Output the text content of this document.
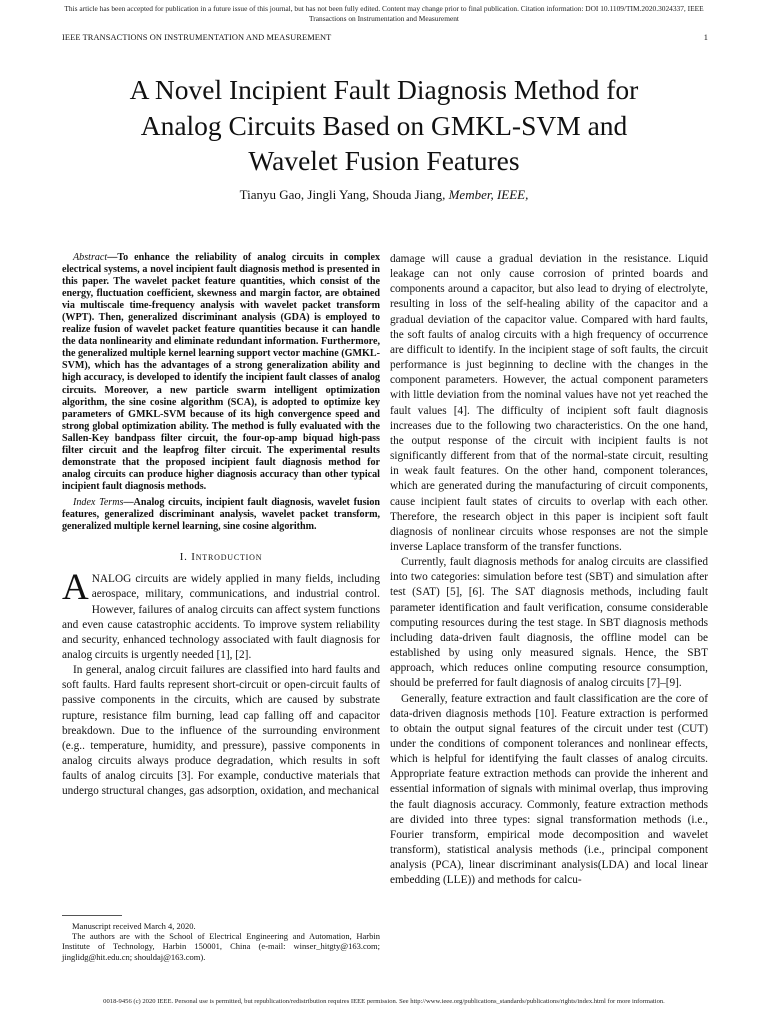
This article has been accepted for publication in a future issue of this journal, but has not been fully edited. Content may change prior to final publication. Citation information: DOI 10.1109/TIM.2020.3024337, IEEE
Transactions on Instrumentation and Measurement
IEEE TRANSACTIONS ON INSTRUMENTATION AND MEASUREMENT	1
A Novel Incipient Fault Diagnosis Method for
Analog Circuits Based on GMKL-SVM and
Wavelet Fusion Features
Tianyu Gao, Jingli Yang, Shouda Jiang, Member, IEEE,

Abstract—To enhance the reliability of analog circuits in complex electrical systems, a novel incipient fault diagnosis method is presented in this paper. The wavelet packet feature quantities, which consist of the energy, fluctuation coefficient, skewness and margin factor, are obtained via multiscale time-frequency analysis with wavelet packet transform (WPT). Then, generalized discriminant analysis (GDA) is employed to realize fusion of wavelet packet feature quantities because it can handle the data nonlinearity and eliminate redundant information. Furthermore, the generalized multiple kernel learning support vector machine (GMKL-SVM), which has the advantages of a strong generalization ability and high accuracy, is developed to identify the incipient fault classes of analog circuits. Moreover, a new particle swarm intelligent optimization algorithm, the sine cosine algorithm (SCA), is adopted to optimize key parameters of GMKL-SVM because of its high convergence speed and strong global optimization ability. The method is fully evaluated with the Sallen-Key bandpass filter circuit, the four-op-amp biquad high-pass filter circuit and the leapfrog filter circuit. The experimental results demonstrate that the proposed incipient fault diagnosis method for analog circuits can produce higher diagnosis accuracy than other typical incipient fault diagnosis methods.

Index Terms—Analog circuits, incipient fault diagnosis, wavelet fusion features, generalized discriminant analysis, wavelet packet transform, generalized multiple kernel learning, sine cosine algorithm.

I. Introduction

ANALOG circuits are widely applied in many fields, including aerospace, military, communications, and industrial control. However, failures of analog circuits can affect system functions and even cause catastrophic accidents. To improve system reliability and security, enhanced technology associated with fault diagnosis for analog circuits is urgently needed [1], [2].

In general, analog circuit failures are classified into hard faults and soft faults. Hard faults represent short-circuit or open-circuit faults of passive components in the circuits, which are caused by substrate rupture, resistance film burning, lead cap falling off and capacitor breakdown. Due to the influence of the surrounding environment (e.g.. temperature, humidity, and pressure), passive components in analog circuits always produce degradation, which results in soft faults of analog circuits [3]. For example, conductive materials that undergo structural changes, gas adsorption, oxidation, and mechanical

Manuscript received March 4, 2020.

The authors are with the School of Electrical Engineering and Automation, Harbin Institute of Technology, Harbin 150001, China (e-mail: winser_hitgty@163.com; jinglidg@hit.edu.cn; shouldaj@163.com).

damage will cause a gradual deviation in the resistance. Liquid leakage can not only cause corrosion of printed boards and components around a capacitor, but also lead to drying of electrolyte, resulting in loss of the self-healing ability of the capacitor and a gradual deviation of the capacitor value. Compared with hard faults, the soft faults of analog circuits with a high frequency of occurrence are difficult to identify. In the incipient stage of soft faults, the circuit performance is just beginning to decline with the changes in the component parameters. However, the actual component parameters with little deviation from the nominal values have not yet reached the fault values [4]. The difficulty of incipient soft fault diagnosis increases due to the following two characteristics. On the one hand, the output response of the circuit with incipient faults is not significantly different from that of the normal-state circuit, resulting in weak fault features. On the other hand, component tolerances, which are generated during the manufacturing of circuit components, cause incipient fault states of circuits to overlap with each other. Therefore, the research object in this paper is incipient soft fault diagnosis of nonlinear circuits whose responses are not the simple inverse Laplace transform of the transfer functions.

Currently, fault diagnosis methods for analog circuits are classified into two categories: simulation before test (SBT) and simulation after test (SAT) [5], [6]. The SAT diagnosis methods, including fault parameter identification and fault verification, consume considerable computing resources during the test stage. In SBT diagnosis methods including data-driven fault diagnosis, the offline model can be established by using only measured signals. Hence, the SBT approach, which reduces online computing resource consumption, should be preferred for fault diagnosis of analog circuits [7]–[9].

Generally, feature extraction and fault classification are the core of data-driven diagnosis methods [10]. Feature extraction is performed to obtain the output signal features of the circuit under test (CUT) under the conditions of component tolerances and nonlinear effects, which is helpful for identifying the fault classes of analog circuits. Appropriate feature extraction methods can provide the inherent and essential information of signals with minimal overlap, thus improving the fault diagnosis accuracy. Commonly, feature extraction methods are divided into three types: signal transformation methods (i.e., Fourier transform, empirical mode decomposition and wavelet transform), statistical analysis methods (i.e., principal component analysis (PCA), linear discriminant analysis(LDA) and local linear embedding (LLE)) and methods for calcu-

0018-9456 (c) 2020 IEEE. Personal use is permitted, but republication/redistribution requires IEEE permission. See http://www.ieee.org/publications_standards/publications/rights/index.html for more information.
